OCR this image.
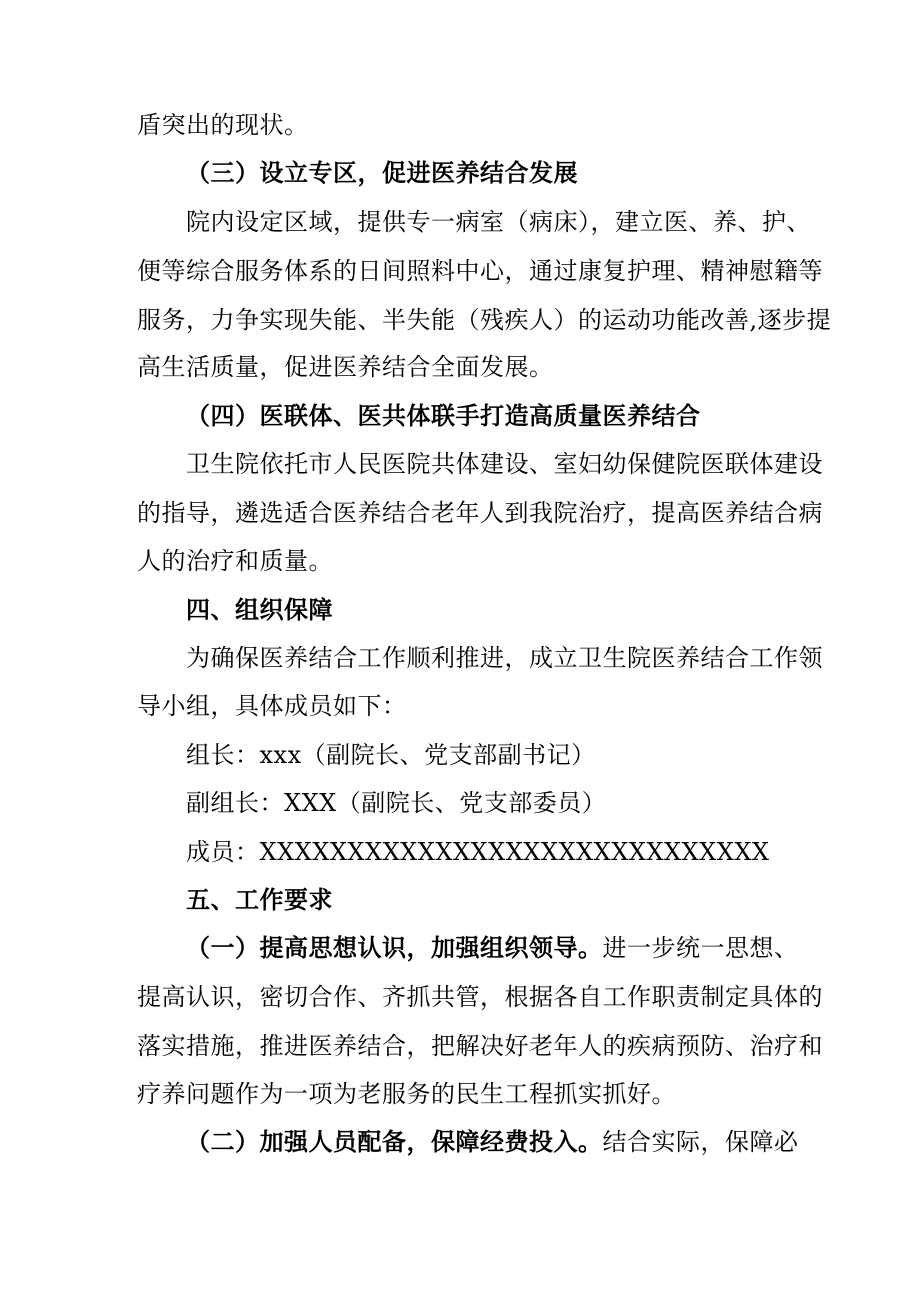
盾突出的现状。
（三）设立专区，促进医养结合发展
院内设定区域，提供专一病室（病床），建立医、养、护、
便等综合服务体系的日间照料中心，通过康复护理、精神慰籍等
服务，力争实现失能、半失能（残疾人）的运动功能改善,逐步提
高生活质量，促进医养结合全面发展。
（四）医联体、医共体联手打造高质量医养结合
卫生院依托市人民医院共体建设、室妇幼保健院医联体建设
的指导，遴选适合医养结合老年人到我院治疗，提高医养结合病
人的治疗和质量。
四、组织保障
为确保医养结合工作顺利推进，成立卫生院医养结合工作领
导小组，具体成员如下：
组长：xxx（副院长、党支部副书记）
副组长：XXX（副院长、党支部委员）
成员：XXXXXXXXXXXXXXXXXXXXXXXXXXXXX
五、工作要求
（一）提高思想认识，加强组织领导。进一步统一思想、
提高认识，密切合作、齐抓共管，根据各自工作职责制定具体的
落实措施，推进医养结合，把解决好老年人的疾病预防、治疗和
疗养问题作为一项为老服务的民生工程抓实抓好。
（二）加强人员配备，保障经费投入。结合实际，保障必
